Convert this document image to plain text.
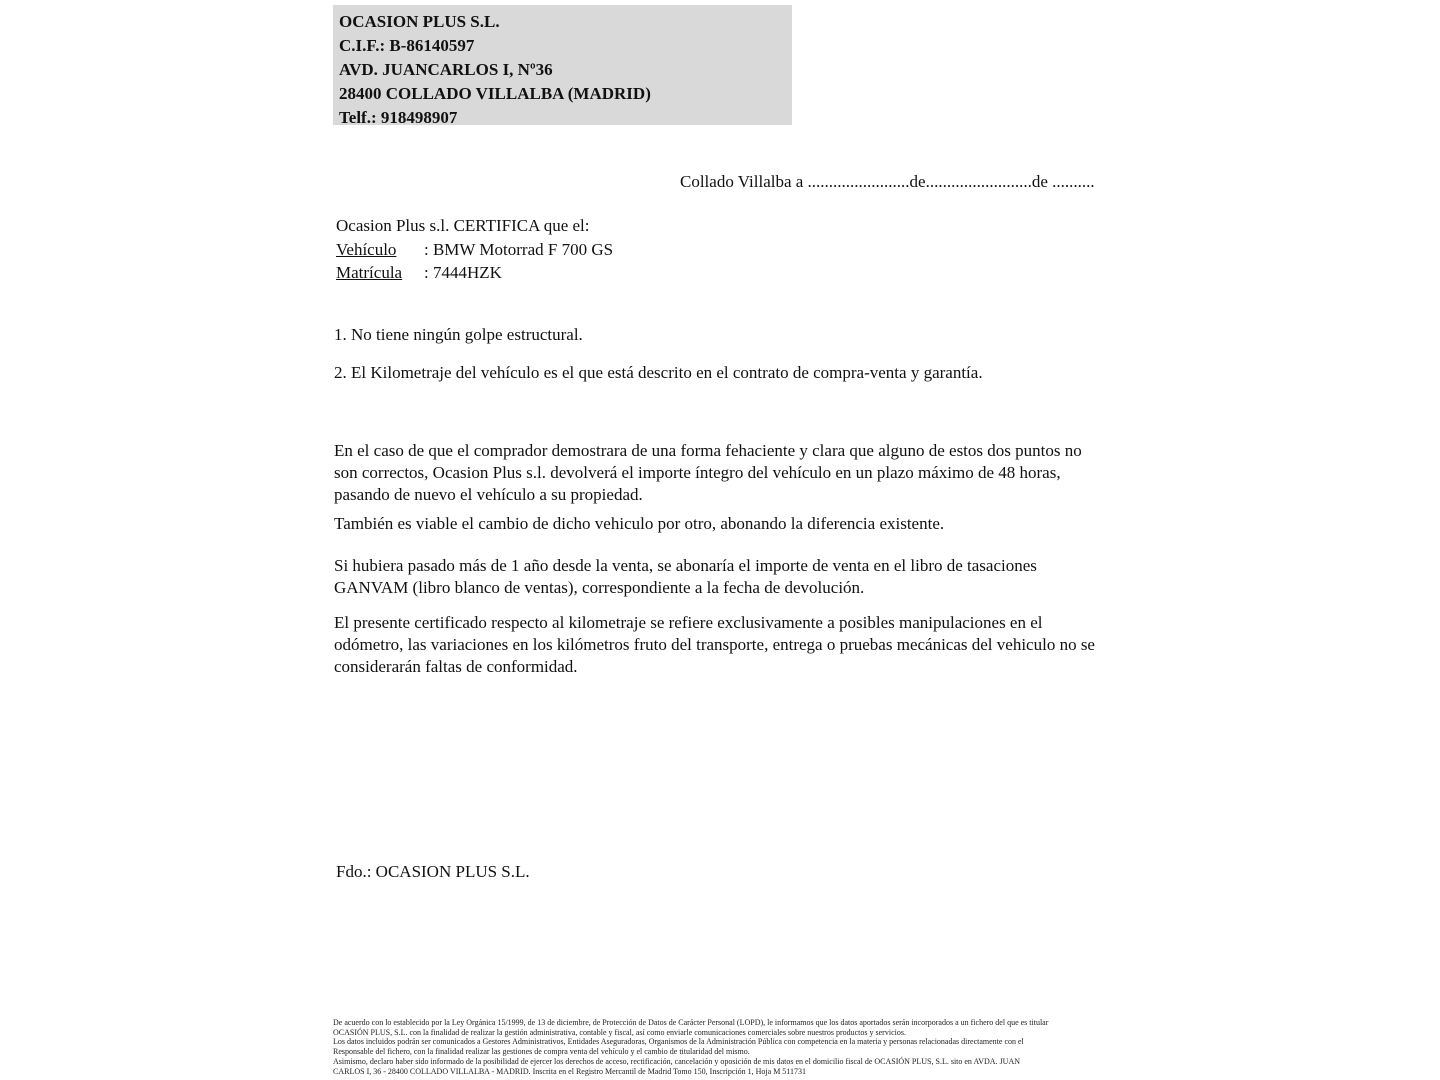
OCASION PLUS S.L.
C.I.F.: B-86140597
AVD. JUANCARLOS I, Nº36
28400 COLLADO VILLALBA (MADRID)
Telf.: 918498907
Collado Villalba a ........................de.........................de ..........
Ocasion Plus s.l. CERTIFICA que el:
Vehículo : BMW Motorrad F 700 GS
Matrícula : 7444HZK
1. No tiene ningún golpe estructural.
2. El Kilometraje del vehículo es el que está descrito en el contrato de compra-venta y garantía.
En el caso de que el comprador demostrara de una forma fehaciente y clara que alguno de estos dos puntos no son correctos, Ocasion Plus s.l. devolverá el importe íntegro del vehículo en un plazo máximo de 48 horas, pasando de nuevo el vehículo a su propiedad.
También es viable el cambio de dicho vehiculo por otro, abonando la diferencia existente.
Si hubiera pasado más de 1 año desde la venta, se abonaría el importe de venta en el libro de tasaciones GANVAM (libro blanco de ventas), correspondiente a la fecha de devolución.
El presente certificado respecto al kilometraje se refiere exclusivamente a posibles manipulaciones en el odómetro, las variaciones en los kilómetros fruto del transporte, entrega o pruebas mecánicas del vehiculo no se considerarán faltas de conformidad.
Fdo.: OCASION PLUS S.L.
De acuerdo con lo establecido por la Ley Orgánica 15/1999, de 13 de diciembre, de Protección de Datos de Carácter Personal (LOPD), le informamos que los datos aportados serán incorporados a un fichero del que es titular
OCASIÓN PLUS, S.L. con la finalidad de realizar la gestión administrativa, contable y fiscal, así como enviarle comunicaciones comerciales sobre nuestros productos y servicios.
Los datos incluidos podrán ser comunicados a Gestores Administrativos, Entidades Aseguradoras, Organismos de la Administración Pública con competencia en la materia y personas relacionadas directamente con el
Responsable del fichero, con la finalidad realizar las gestiones de compra venta del vehículo y el cambio de titularidad del mismo.
Asimismo, declaro haber sido informado de la posibilidad de ejercer los derechos de acceso, rectificación, cancelación y oposición de mis datos en el domicilio fiscal de OCASIÓN PLUS, S.L. sito en AVDA. JUAN
CARLOS I, 36 - 28400 COLLADO VILLALBA - MADRID. Inscrita en el Registro Mercantil de Madrid Tomo 150, Inscripción 1, Hoja M 511731
